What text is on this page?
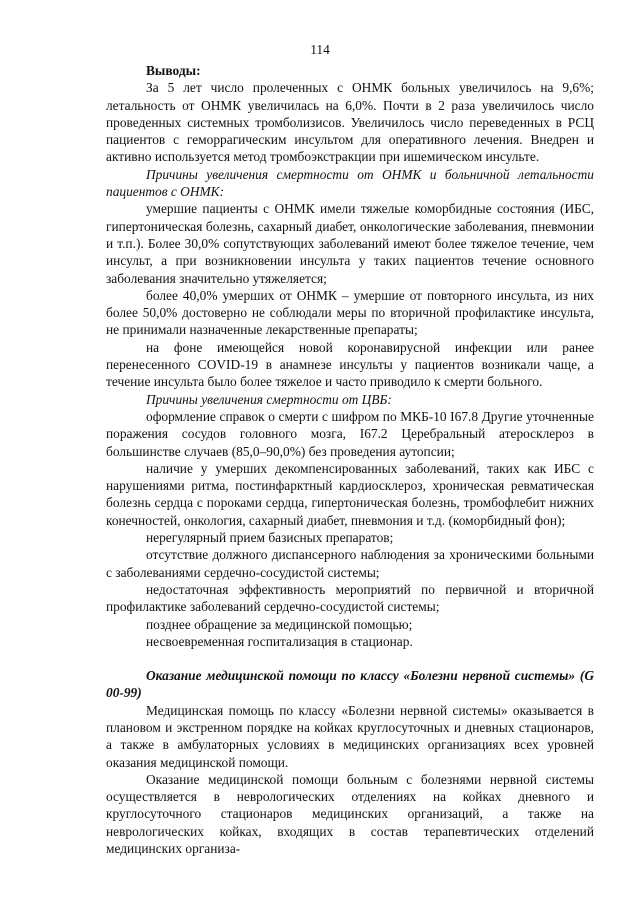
114

Выводы:

За 5 лет число пролеченных с ОНМК больных увеличилось на 9,6%; летальность от ОНМК увеличилась на 6,0%. Почти в 2 раза увеличилось число проведенных системных тромболизисов. Увеличилось число переведенных в РСЦ пациентов с геморрагическим инсультом для оперативного лечения. Внедрен и активно используется метод тромбоэкстракции при ишемическом инсульте.

Причины увеличения смертности от ОНМК и больничной летальности пациентов с ОНМК:

умершие пациенты с ОНМК имели тяжелые коморбидные состояния (ИБС, гипертоническая болезнь, сахарный диабет, онкологические заболевания, пневмонии и т.п.). Более 30,0% сопутствующих заболеваний имеют более тяжелое течение, чем инсульт, а при возникновении инсульта у таких пациентов течение основного заболевания значительно утяжеляется;

более 40,0% умерших от ОНМК – умершие от повторного инсульта, из них более 50,0% достоверно не соблюдали меры по вторичной профилактике инсульта, не принимали назначенные лекарственные препараты;

на фоне имеющейся новой коронавирусной инфекции или ранее перенесенного COVID-19 в анамнезе инсульты у пациентов возникали чаще, а течение инсульта было более тяжелое и часто приводило к смерти больного.

Причины увеличения смертности от ЦВБ:

оформление справок о смерти с шифром по МКБ-10 I67.8 Другие уточненные поражения сосудов головного мозга, I67.2 Церебральный атеросклероз в большинстве случаев (85,0–90,0%) без проведения аутопсии;

наличие у умерших декомпенсированных заболеваний, таких как ИБС с нарушениями ритма, постинфарктный кардиосклероз, хроническая ревматическая болезнь сердца с пороками сердца, гипертоническая болезнь, тромбофлебит нижних конечностей, онкология, сахарный диабет, пневмония и т.д. (коморбидный фон);

нерегулярный прием базисных препаратов;

отсутствие должного диспансерного наблюдения за хроническими больными с заболеваниями сердечно-сосудистой системы;

недостаточная эффективность мероприятий по первичной и вторичной профилактике заболеваний сердечно-сосудистой системы;

позднее обращение за медицинской помощью;

несвоевременная госпитализация в стационар.

Оказание медицинской помощи по классу «Болезни нервной системы» (G 00-99)

Медицинская помощь по классу «Болезни нервной системы» оказывается в плановом и экстренном порядке на койках круглосуточных и дневных стационаров, а также в амбулаторных условиях в медицинских организациях всех уровней оказания медицинской помощи.

Оказание медицинской помощи больным с болезнями нервной системы осуществляется в неврологических отделениях на койках дневного и круглосуточного стационаров медицинских организаций, а также на неврологических койках, входящих в состав терапевтических отделений медицинских организа-
